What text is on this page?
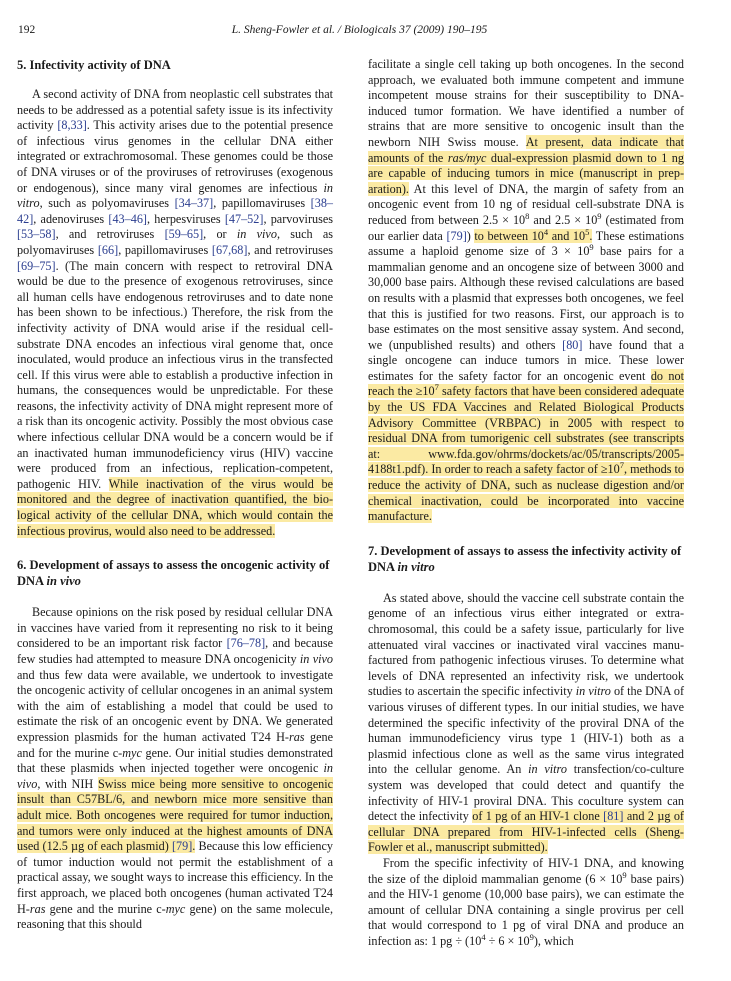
192	L. Sheng-Fowler et al. / Biologicals 37 (2009) 190–195
5. Infectivity activity of DNA

A second activity of DNA from neoplastic cell substrates that needs to be addressed as a potential safety issue is its infectivity activity [8,33]. This activity arises due to the potential presence of infectious virus genomes in the cellular DNA either integrated or extrachromosomal. These genomes could be those of DNA viruses or of the proviruses of retroviruses (exogenous or endogenous), since many viral genomes are infectious in vitro, such as polyomaviruses [34–37], papillomaviruses [38–42], adenoviruses [43–46], herpesviruses [47–52], parvoviruses [53–58], and retroviruses [59–65], or in vivo, such as polyomaviruses [66], papillomaviruses [67,68], and retroviruses [69–75]. (The main concern with respect to retroviral DNA would be due to the presence of exogenous retroviruses, since all human cells have endogenous retroviruses and to date none has been shown to be infectious.) Therefore, the risk from the infectivity activity of DNA would arise if the residual cell-substrate DNA encodes an infectious viral genome that, once inoculated, would produce an infectious virus in the transfected cell. If this virus were able to establish a productive infection in humans, the consequences would be unpredictable. For these reasons, the infectivity activity of DNA might represent more of a risk than its oncogenic activity. Possibly the most obvious case where infectious cellular DNA would be a concern would be if an inactivated human immunodeficiency virus (HIV) vaccine were produced from an infectious, replication-competent, pathogenic HIV. While inactivation of the virus would be monitored and the degree of inactivation quantified, the biological activity of the cellular DNA, which would contain the infectious provirus, would also need to be addressed.

6. Development of assays to assess the oncogenic activity of DNA in vivo

Because opinions on the risk posed by residual cellular DNA in vaccines have varied from it representing no risk to it being considered to be an important risk factor [76–78], and because few studies had attempted to measure DNA oncogenicity in vivo and thus few data were available, we undertook to investigate the oncogenic activity of cellular oncogenes in an animal system with the aim of establishing a model that could be used to estimate the risk of an oncogenic event by DNA. We generated expression plasmids for the human activated T24 H-ras gene and for the murine c-myc gene. Our initial studies demonstrated that these plasmids when injected together were oncogenic in vivo, with NIH Swiss mice being more sensitive to oncogenic insult than C57BL/6, and newborn mice more sensitive than adult mice. Both oncogenes were required for tumor induction, and tumors were only induced at the highest amounts of DNA used (12.5 µg of each plasmid) [79]. Because this low efficiency of tumor induction would not permit the establishment of a practical assay, we sought ways to increase this efficiency. In the first approach, we placed both oncogenes (human activated T24 H-ras gene and the murine c-myc gene) on the same molecule, reasoning that this should

facilitate a single cell taking up both oncogenes. In the second approach, we evaluated both immune competent and immune incompetent mouse strains for their susceptibility to DNA-induced tumor formation. We have identified a number of strains that are more sensitive to oncogenic insult than the newborn NIH Swiss mouse. At present, data indicate that amounts of the ras/myc dual-expression plasmid down to 1 ng are capable of inducing tumors in mice (manuscript in preparation). At this level of DNA, the margin of safety from an oncogenic event from 10 ng of residual cell-substrate DNA is reduced from between $2.5 \times 10^8$ and $2.5 \times 10^9$ (estimated from our earlier data [79]) to between $10^4$ and $10^5$. These estimations assume a haploid genome size of $3 \times 10^9$ base pairs for a mammalian genome and an oncogene size of between 3000 and 30,000 base pairs. Although these revised calculations are based on results with a plasmid that expresses both oncogenes, we feel that this is justified for two reasons. First, our approach is to base estimates on the most sensitive assay system. And second, we (unpublished results) and others [80] have found that a single oncogene can induce tumors in mice. These lower estimates for the safety factor for an oncogenic event do not reach the $\ge 10^7$ safety factors that have been considered adequate by the US FDA Vaccines and Related Biological Products Advisory Committee (VRBPAC) in 2005 with respect to residual DNA from tumorigenic cell substrates (see transcripts at: www.fda.gov/ohrms/dockets/ac/05/transcripts/2005-4188t1.pdf). In order to reach a safety factor of $\ge 10^7$, methods to reduce the activity of DNA, such as nuclease digestion and/or chemical inactivation, could be incorporated into vaccine manufacture.

7. Development of assays to assess the infectivity activity of DNA in vitro

As stated above, should the vaccine cell substrate contain the genome of an infectious virus either integrated or extrachromosomal, this could be a safety issue, particularly for live attenuated viral vaccines or inactivated viral vaccines manufactured from pathogenic infectious viruses. To determine what levels of DNA represented an infectivity risk, we undertook studies to ascertain the specific infectivity in vitro of the DNA of various viruses of different types. In our initial studies, we have determined the specific infectivity of the proviral DNA of the human immunodeficiency virus type 1 (HIV-1) both as a plasmid infectious clone as well as the same virus integrated into the cellular genome. An in vitro transfection/co-culture system was developed that could detect and quantify the infectivity of HIV-1 proviral DNA. This coculture system can detect the infectivity of 1 pg of an HIV-1 clone [81] and 2 µg of cellular DNA prepared from HIV-1-infected cells (Sheng-Fowler et al., manuscript submitted).

From the specific infectivity of HIV-1 DNA, and knowing the size of the diploid mammalian genome ($6 \times 10^9$ base pairs) and the HIV-1 genome (10,000 base pairs), we can estimate the amount of cellular DNA containing a single provirus per cell that would correspond to 1 pg of viral DNA and produce an infection as: 1 pg ÷ $(10^4 \div 6 \times 10^9)$, which
